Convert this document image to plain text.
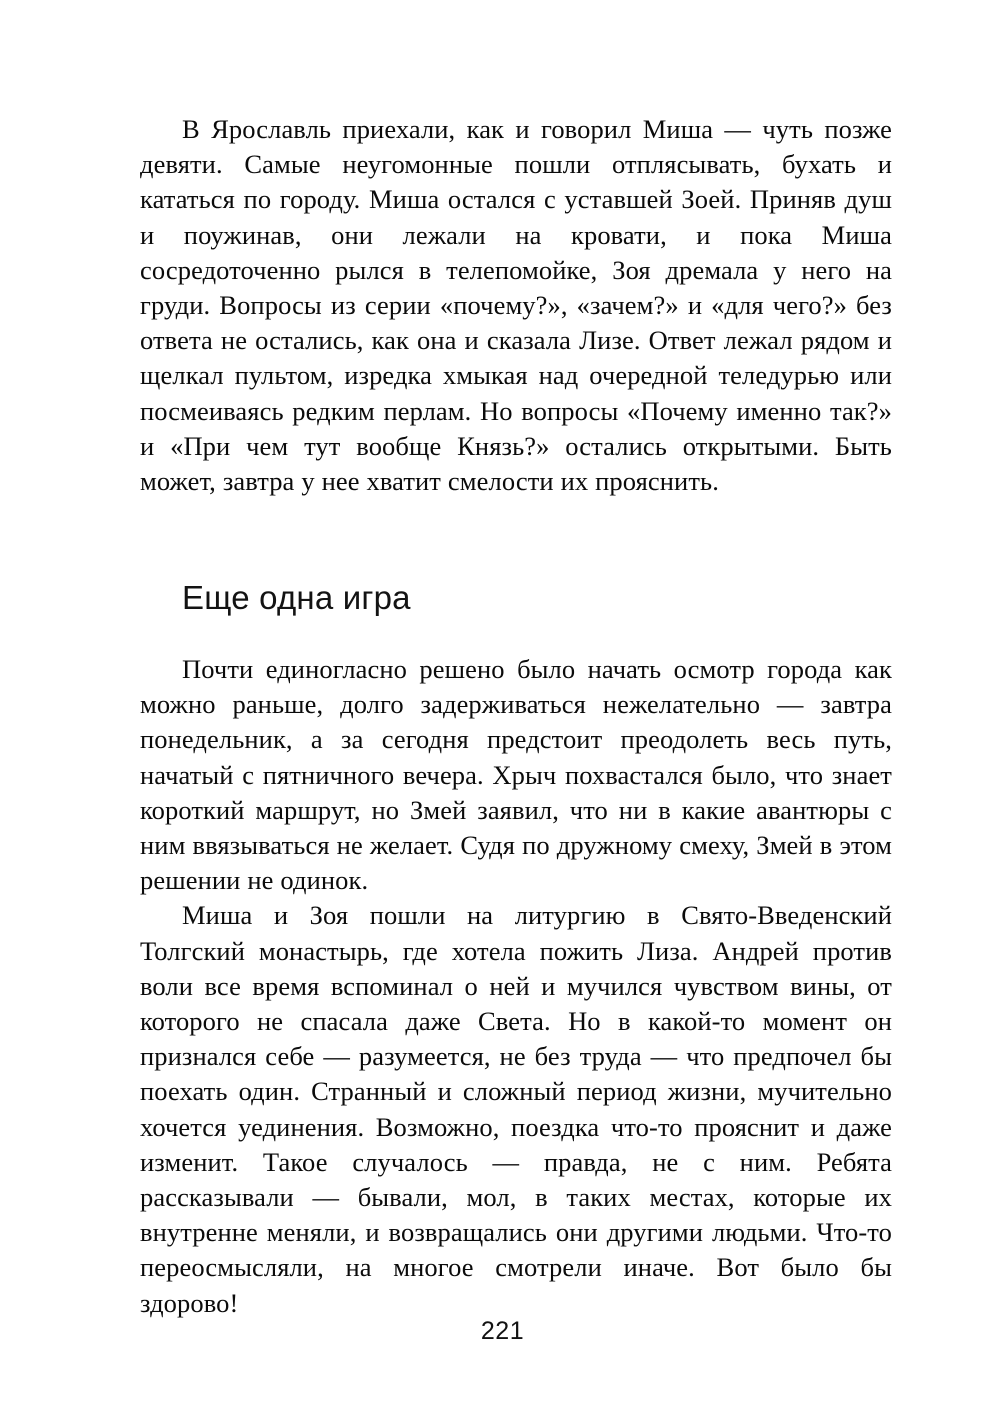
В Ярославль приехали, как и говорил Миша — чуть позже девяти. Самые неугомонные пошли отплясывать, бухать и кататься по городу. Миша остался с уставшей Зоей. Приняв душ и поужинав, они лежали на кровати, и пока Миша сосредоточенно рылся в телепомойке, Зоя дремала у него на груди. Вопросы из серии «почему?», «зачем?» и «для чего?» без ответа не остались, как она и сказала Лизе. Ответ лежал рядом и щелкал пультом, изредка хмыкая над очередной теледурью или посмеиваясь редким перлам. Но вопросы «Почему именно так?» и «При чем тут вообще Князь?» остались открытыми. Быть может, завтра у нее хватит смелости их прояснить.

Еще одна игра

Почти единогласно решено было начать осмотр города как можно раньше, долго задерживаться нежелательно — завтра понедельник, а за сегодня предстоит преодолеть весь путь, начатый с пятничного вечера. Хрыч похвастался было, что знает короткий маршрут, но Змей заявил, что ни в какие авантюры с ним ввязываться не желает. Судя по дружному смеху, Змей в этом решении не одинок.

Миша и Зоя пошли на литургию в Свято-Введенский Толгский монастырь, где хотела пожить Лиза. Андрей против воли все время вспоминал о ней и мучился чувством вины, от которого не спасала даже Света. Но в какой-то момент он признался себе — разумеется, не без труда — что предпочел бы поехать один. Странный и сложный период жизни, мучительно хочется уединения. Возможно, поездка что-то прояснит и даже изменит. Такое случалось — правда, не с ним. Ребята рассказывали — бывали, мол, в таких местах, которые их внутренне меняли, и возвращались они другими людьми. Что-то переосмысляли, на многое смотрели иначе. Вот было бы здорово!

221
